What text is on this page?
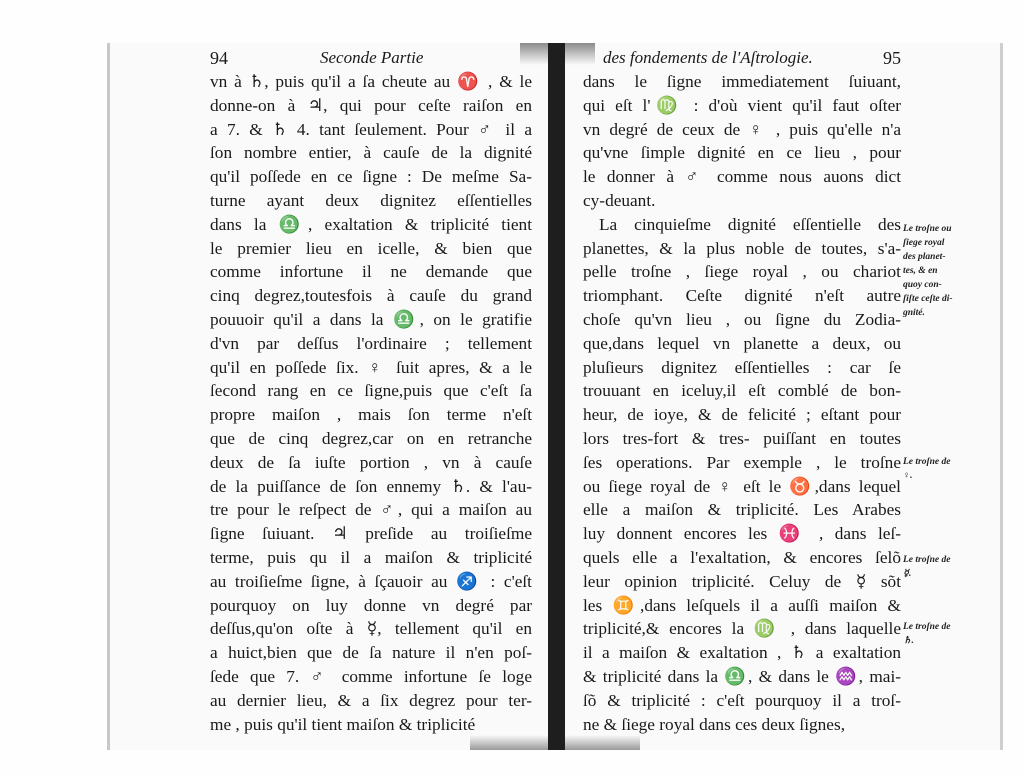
94	Seconde Partie
vn à ♄, puis qu'il a ſa cheute au ♈ , & le
donne-on à ♃, qui pour ceſte raiſon en
a 7. & ♄ 4. tant ſeulement. Pour ♂ il a
ſon nombre entier, à cauſe de la dignité
qu'il poſſede en ce ſigne : De meſme Sa-
turne ayant deux dignitez eſſentielles
dans la ♎, exaltation & triplicité tient
le premier lieu en icelle, & bien que
comme infortune il ne demande que
cinq degrez,toutesfois à cauſe du grand
pouuoir qu'il a dans la ♎, on le gratifie
d'vn par deſſus l'ordinaire ; tellement
qu'il en poſſede ſix. ♀ ſuit apres, & a le
ſecond rang en ce ſigne,puis que c'eſt ſa
propre maiſon , mais ſon terme n'eſt
que de cinq degrez,car on en retranche
deux de ſa iuſte portion , vn à cauſe
de la puiſſance de ſon ennemy ♄. & l'au-
tre pour le reſpect de ♂, qui a maiſon au
ſigne ſuiuant. ♃ preſide au troiſieſme
terme, puis qu il a maiſon & triplicité
au troiſieſme ſigne, à ſçauoir au ♐ : c'eſt
pourquoy on luy donne vn degré par
deſſus,qu'on oſte à ☿, tellement qu'il en
a huict,bien que de ſa nature il n'en poſ-
ſede que 7. ♂ comme infortune ſe loge
au dernier lieu, & a ſix degrez pour ter-
me , puis qu'il tient maiſon & triplicité
des fondements de l'Aſtrologie.	95
dans le ſigne immediatement ſuiuant,
qui eſt l'♍ : d'où vient qu'il faut oſter
vn degré de ceux de ♀ , puis qu'elle n'a
qu'vne ſimple dignité en ce lieu , pour
le donner à ♂ comme nous auons dict
cy-deuant.
La cinquieſme dignité eſſentielle des
planettes, & la plus noble de toutes, s'a-
pelle troſne , ſiege royal , ou chariot
triomphant. Ceſte dignité n'eſt autre
choſe qu'vn lieu , ou ſigne du Zodia-
que,dans lequel vn planette a deux, ou
pluſieurs dignitez eſſentielles : car ſe
trouuant en iceluy,il eſt comblé de bon-
heur, de ioye, & de felicité ; eſtant pour
lors tres-fort & tres- puiſſant en toutes
ſes operations. Par exemple , le troſne
ou ſiege royal de ♀ eſt le ♉,dans lequel
elle a maiſon & triplicité. Les Arabes
luy donnent encores les ♓ , dans leſ-
quels elle a l'exaltation, & encores ſelõ
leur opinion triplicité. Celuy de ☿ sõt
les ♊,dans leſquels il a auſſi maiſon &
triplicité,& encores la ♍ , dans laquelle
il a maiſon & exaltation , ♄ a exaltation
& triplicité dans la ♎, & dans le ♒, mai-
ſõ & triplicité : c'eſt pourquoy il a troſ-
ne & ſiege royal dans ces deux ſignes,
Le troſne ou
ſiege royal
des planet-
tes, & en
quoy con-
ſiſte ceſte di-
gnité.
Le troſne de
♀.
Le troſne de
☿.
Le troſne de
♄.
